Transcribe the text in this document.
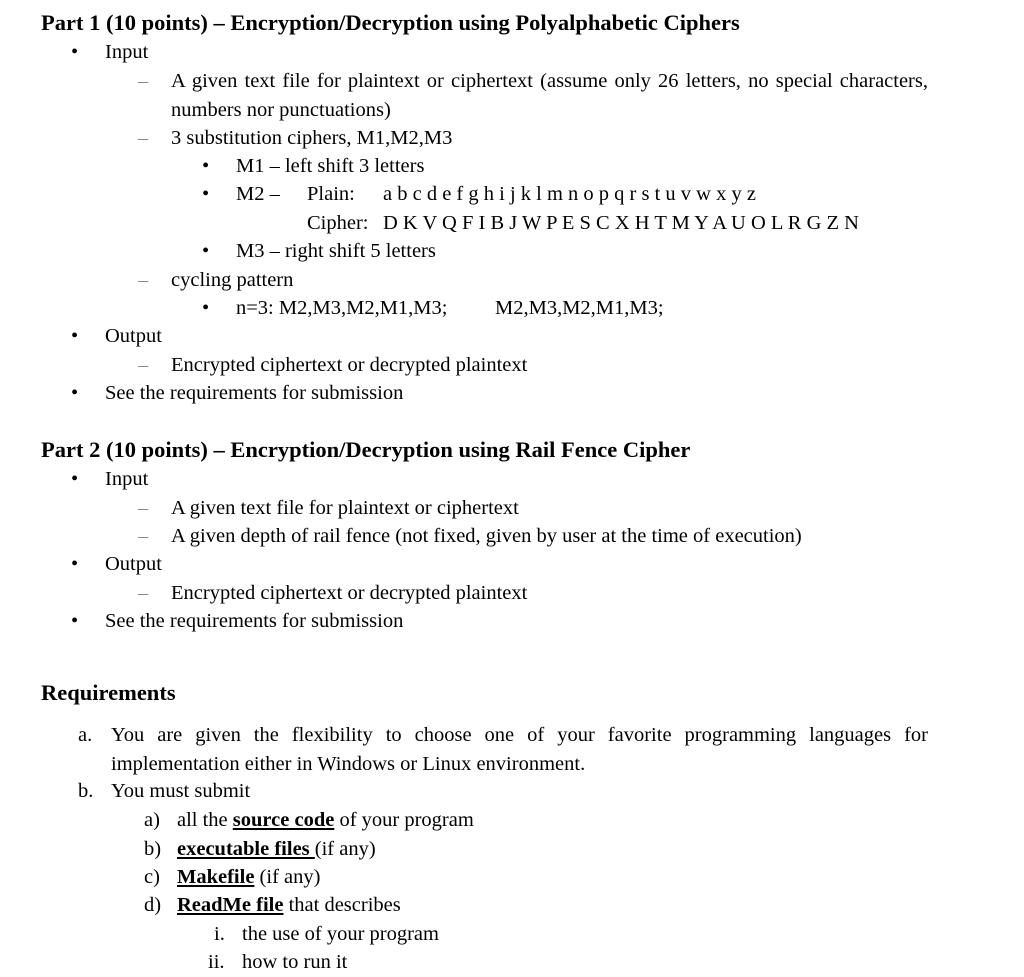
Part 1 (10 points) – Encryption/Decryption using Polyalphabetic Ciphers
• Input
– A given text file for plaintext or ciphertext (assume only 26 letters, no special characters, numbers nor punctuations)
– 3 substitution ciphers, M1,M2,M3
• M1 – left shift 3 letters
• M2 – Plain: a b c d e f g h i j k l m n o p q r s t u v w x y z
Cipher: D K V Q F I B J W P E S C X H T M Y A U O L R G Z N
• M3 – right shift 5 letters
– cycling pattern
• n=3: M2,M3,M2,M1,M3; M2,M3,M2,M1,M3;
• Output
– Encrypted ciphertext or decrypted plaintext
• See the requirements for submission
Part 2 (10 points) – Encryption/Decryption using Rail Fence Cipher
• Input
– A given text file for plaintext or ciphertext
– A given depth of rail fence (not fixed, given by user at the time of execution)
• Output
– Encrypted ciphertext or decrypted plaintext
• See the requirements for submission
Requirements
a. You are given the flexibility to choose one of your favorite programming languages for implementation either in Windows or Linux environment.
b. You must submit
a) all the source code of your program
b) executable files (if any)
c) Makefile (if any)
d) ReadMe file that describes
i. the use of your program
ii. how to run it
